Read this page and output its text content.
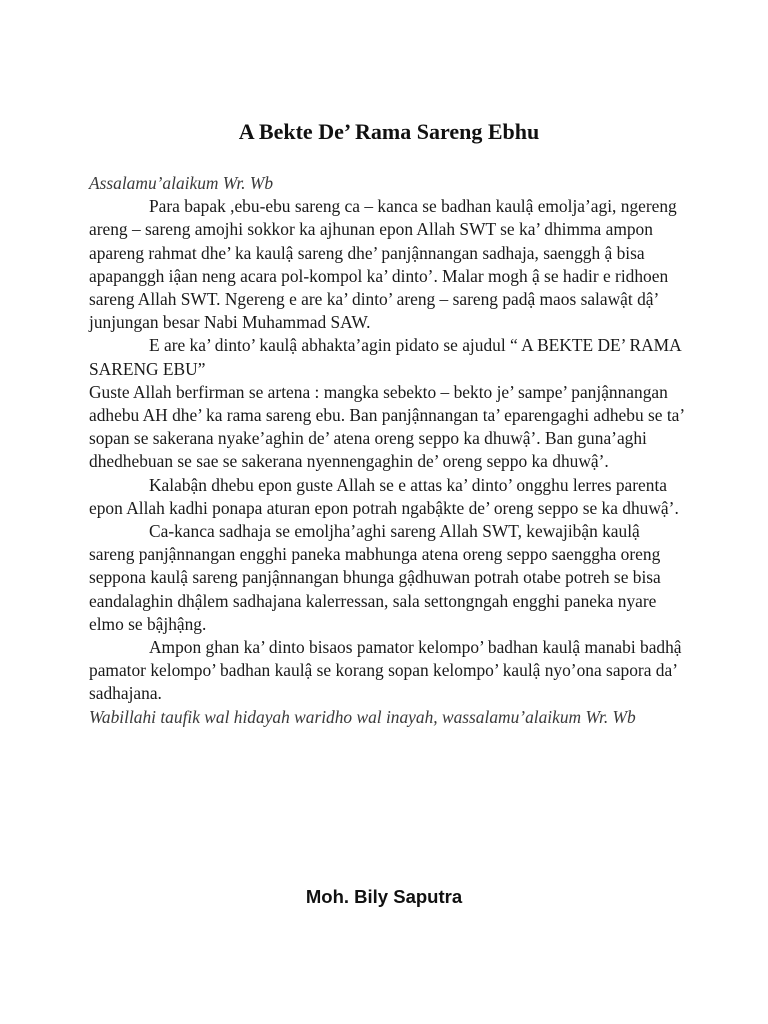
A Bekte De’ Rama Sareng Ebhu

Assalamu’alaikum Wr. Wb

Para bapak ,ebu-ebu sareng ca – kanca se badhan kaulậ emolja’agi, ngereng areng – sareng amojhi sokkor ka ajhunan epon Allah SWT se ka’ dhimma ampon apareng rahmat dhe’ ka kaulậ sareng dhe’ panjậnnangan sadhaja, saenggh ậ bisa apapanggh iậan neng acara pol-kompol ka’ dinto’. Malar mogh ậ se hadir e ridhoen sareng Allah SWT. Ngereng e are ka’ dinto’ areng – sareng padậ maos salawật dậ’ junjungan besar Nabi Muhammad SAW.

E are ka’ dinto’ kaulậ abhakta’agin pidato se ajudul “ A BEKTE DE’ RAMA SARENG EBU”

Guste Allah berfirman se artena : mangka sebekto – bekto je’ sampe’ panjậnnangan adhebu AH dhe’ ka rama sareng ebu. Ban panjậnnangan ta’ eparengaghi adhebu se ta’ sopan se sakerana nyake’aghin de’ atena oreng seppo ka dhuwậ’. Ban guna’aghi dhedhebuan se sae se sakerana nyennengaghin de’ oreng seppo ka dhuwậ’.

Kalabận dhebu epon guste Allah se e attas ka’ dinto’ ongghu lerres parenta epon Allah kadhi ponapa aturan epon potrah ngabậkte de’ oreng seppo se ka dhuwậ’.

Ca-kanca sadhaja se emoljha’aghi sareng Allah SWT, kewajibận kaulậ sareng panjậnnangan engghi paneka mabhunga atena oreng seppo saenggha oreng seppona kaulậ sareng panjậnnangan bhunga gậdhuwan potrah otabe potreh se bisa eandalaghin dhậlem sadhajana kalerressan, sala settongngah engghi paneka nyare elmo se bậjhậng.

Ampon ghan ka’ dinto bisaos pamator kelompo’ badhan kaulậ manabi badhậ pamator kelompo’ badhan kaulậ se korang sopan kelompo’ kaulậ nyo’ona sapora da’ sadhajana.

Wabillahi taufik wal hidayah waridho wal inayah, wassalamu’alaikum Wr. Wb

Moh. Bily Saputra
